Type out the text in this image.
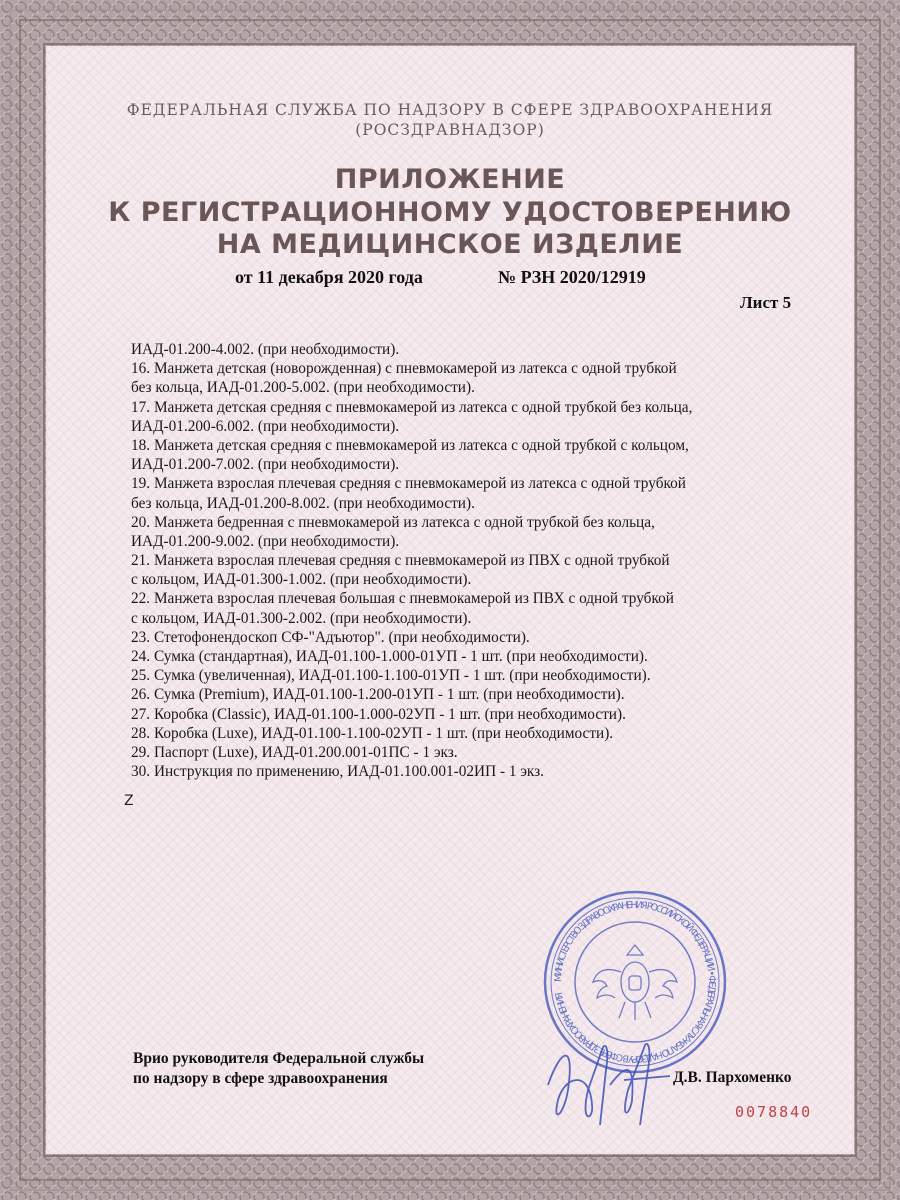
ФЕДЕРАЛЬНАЯ СЛУЖБА ПО НАДЗОРУ В СФЕРЕ ЗДРАВООХРАНЕНИЯ
(РОСЗДРАВНАДЗОР)
ПРИЛОЖЕНИЕ
К РЕГИСТРАЦИОННОМУ УДОСТОВЕРЕНИЮ
НА МЕДИЦИНСКОЕ ИЗДЕЛИЕ
от 11 декабря 2020 года	№ РЗН 2020/12919
Лист 5
ИАД-01.200-4.002. (при необходимости).
16. Манжета детская (новорожденная) с пневмокамерой из латекса с одной трубкой
без кольца, ИАД-01.200-5.002. (при необходимости).
17. Манжета детская средняя с пневмокамерой из латекса с одной трубкой без кольца,
ИАД-01.200-6.002. (при необходимости).
18. Манжета детская средняя с пневмокамерой из латекса с одной трубкой с кольцом,
ИАД-01.200-7.002. (при необходимости).
19. Манжета взрослая плечевая средняя с пневмокамерой из латекса с одной трубкой
без кольца, ИАД-01.200-8.002. (при необходимости).
20. Манжета бедренная с пневмокамерой из латекса с одной трубкой без кольца,
ИАД-01.200-9.002. (при необходимости).
21. Манжета взрослая плечевая средняя с пневмокамерой из ПВХ с одной трубкой
с кольцом, ИАД-01.300-1.002. (при необходимости).
22. Манжета взрослая плечевая большая с пневмокамерой из ПВХ с одной трубкой
с кольцом, ИАД-01.300-2.002. (при необходимости).
23. Стетофонендоскоп СФ-"Адъютор". (при необходимости).
24. Сумка (стандартная), ИАД-01.100-1.000-01УП - 1 шт. (при необходимости).
25. Сумка (увеличенная), ИАД-01.100-1.100-01УП - 1 шт. (при необходимости).
26. Сумка (Premium), ИАД-01.100-1.200-01УП - 1 шт. (при необходимости).
27. Коробка (Classic), ИАД-01.100-1.000-02УП - 1 шт. (при необходимости).
28. Коробка (Luxe), ИАД-01.100-1.100-02УП - 1 шт. (при необходимости).
29. Паспорт (Luxe), ИАД-01.200.001-01ПС - 1 экз.
30. Инструкция по применению, ИАД-01.100.001-02ИП - 1 экз.
Z
МИНИСТЕРСТВО ЗДРАВООХРАНЕНИЯ РОССИЙСКОЙ ФЕДЕРАЦИИ • ФЕДЕРАЛЬНАЯ СЛУЖБА ПО НАДЗОРУ В СФЕРЕ ЗДРАВООХРАНЕНИЯ
Врио руководителя Федеральной службы
по надзору в сфере здравоохранения	Д.В. Пархоменко
0078840
